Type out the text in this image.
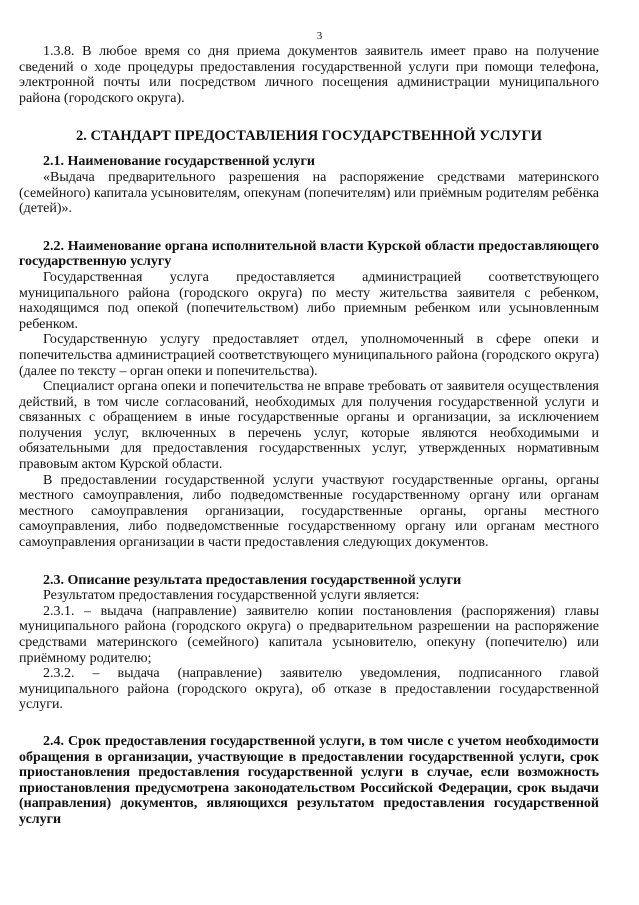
3

1.3.8. В любое время со дня приема документов заявитель имеет право на получение сведений о ходе процедуры предоставления государственной услуги при помощи телефона, электронной почты или посредством личного посещения администрации муниципального района (городского округа).

2. СТАНДАРТ ПРЕДОСТАВЛЕНИЯ ГОСУДАРСТВЕННОЙ УСЛУГИ

2.1. Наименование государственной услуги

«Выдача предварительного разрешения на распоряжение средствами материнского (семейного) капитала усыновителям, опекунам (попечителям) или приёмным родителям ребёнка (детей)».

2.2. Наименование органа исполнительной власти Курской области предоставляющего государственную услугу

Государственная услуга предоставляется администрацией соответствующего муниципального района (городского округа) по месту жительства заявителя с ребенком, находящимся под опекой (попечительством) либо приемным ребенком или усыновленным ребенком.

Государственную услугу предоставляет отдел, уполномоченный в сфере опеки и попечительства администрацией соответствующего муниципального района (городского округа) (далее по тексту – орган опеки и попечительства).

Специалист органа опеки и попечительства не вправе требовать от заявителя осуществления действий, в том числе согласований, необходимых для получения государственной услуги и связанных с обращением в иные государственные органы и организации, за исключением получения услуг, включенных в перечень услуг, которые являются необходимыми и обязательными для предоставления государственных услуг, утвержденных нормативным правовым актом Курской области.

В предоставлении государственной услуги участвуют государственные органы, органы местного самоуправления, либо подведомственные государственному органу или органам местного самоуправления организации, государственные органы, органы местного самоуправления, либо подведомственные государственному органу или органам местного самоуправления организации в части предоставления следующих документов.

2.3. Описание результата предоставления государственной услуги

Результатом предоставления государственной услуги является:

2.3.1. – выдача (направление) заявителю копии постановления (распоряжения) главы муниципального района (городского округа) о предварительном разрешении на распоряжение средствами материнского (семейного) капитала усыновителю, опекуну (попечителю) или приёмному родителю;

2.3.2. – выдача (направление) заявителю уведомления, подписанного главой муниципального района (городского округа), об отказе в предоставлении государственной услуги.

2.4. Срок предоставления государственной услуги, в том числе с учетом необходимости обращения в организации, участвующие в предоставлении государственной услуги, срок приостановления предоставления государственной услуги в случае, если возможность приостановления предусмотрена законодательством Российской Федерации, срок выдачи (направления) документов, являющихся результатом предоставления государственной услуги
